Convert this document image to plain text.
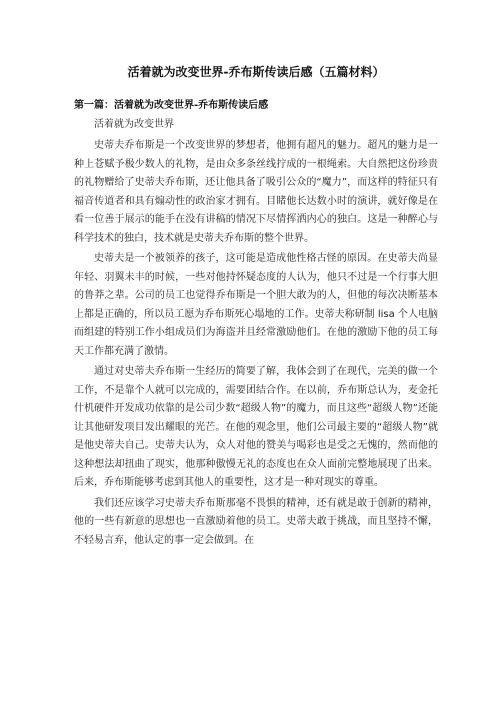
活着就为改变世界-乔布斯传读后感（五篇材料）
第一篇：活着就为改变世界-乔布斯传读后感
活着就为改变世界

史蒂夫乔布斯是一个改变世界的梦想者，他拥有超凡的魅力。超凡的魅力是一种上苍赋予极少数人的礼物，是由众多条丝线拧成的一根绳索。大自然把这份珍贵的礼物赠给了史蒂夫乔布斯，还让他具备了吸引公众的“魔力”，而这样的特征只有福音传道者和具有煽动性的政治家才拥有。目睹他长达数小时的演讲，就好像是在看一位善于展示的能手在没有讲稿的情况下尽情挥洒内心的独白。这是一种醉心与科学技术的独白，技术就是史蒂夫乔布斯的整个世界。

史蒂夫是一个被领养的孩子，这可能是造成他性格古怪的原因。在史蒂夫尚显年轻、羽翼未丰的时候，一些对他持怀疑态度的人认为，他只不过是一个行事大胆的鲁莽之辈。公司的员工也觉得乔布斯是一个胆大敢为的人，但他的每次决断基本上都是正确的，所以员工愿为乔布斯死心塌地的工作。史蒂夫称研制 lisa 个人电脑而组建的特别工作小组成员们为海盗并且经常激励他们。在他的激励下他的员工每天工作都充满了激情。

通过对史蒂夫乔布斯一生经历的简要了解，我体会到了在现代，完美的做一个工作，不是靠个人就可以完成的，需要团结合作。在以前，乔布斯总认为，麦金托什机硬件开发成功依靠的是公司少数“超级人物”的魔力，而且这些“超级人物”还能让其他研发项目发出耀眼的光芒。在他的观念里，他们公司最主要的“超级人物”就是他史蒂夫自己。史蒂夫认为，众人对他的赞美与喝彩也是受之无愧的，然而他的这种想法却扭曲了现实，他那种傲慢无礼的态度也在众人面前完整地展现了出来。后来，乔布斯能够考虑到其他人的重要性，这才是一种对现实的尊重。

我们还应该学习史蒂夫乔布斯那毫不畏惧的精神，还有就是敢于创新的精神，他的一些有新意的思想也一直激励着他的员工。史蒂夫敢于挑战，而且坚持不懈，不轻易言弃，他认定的事一定会做到。在
